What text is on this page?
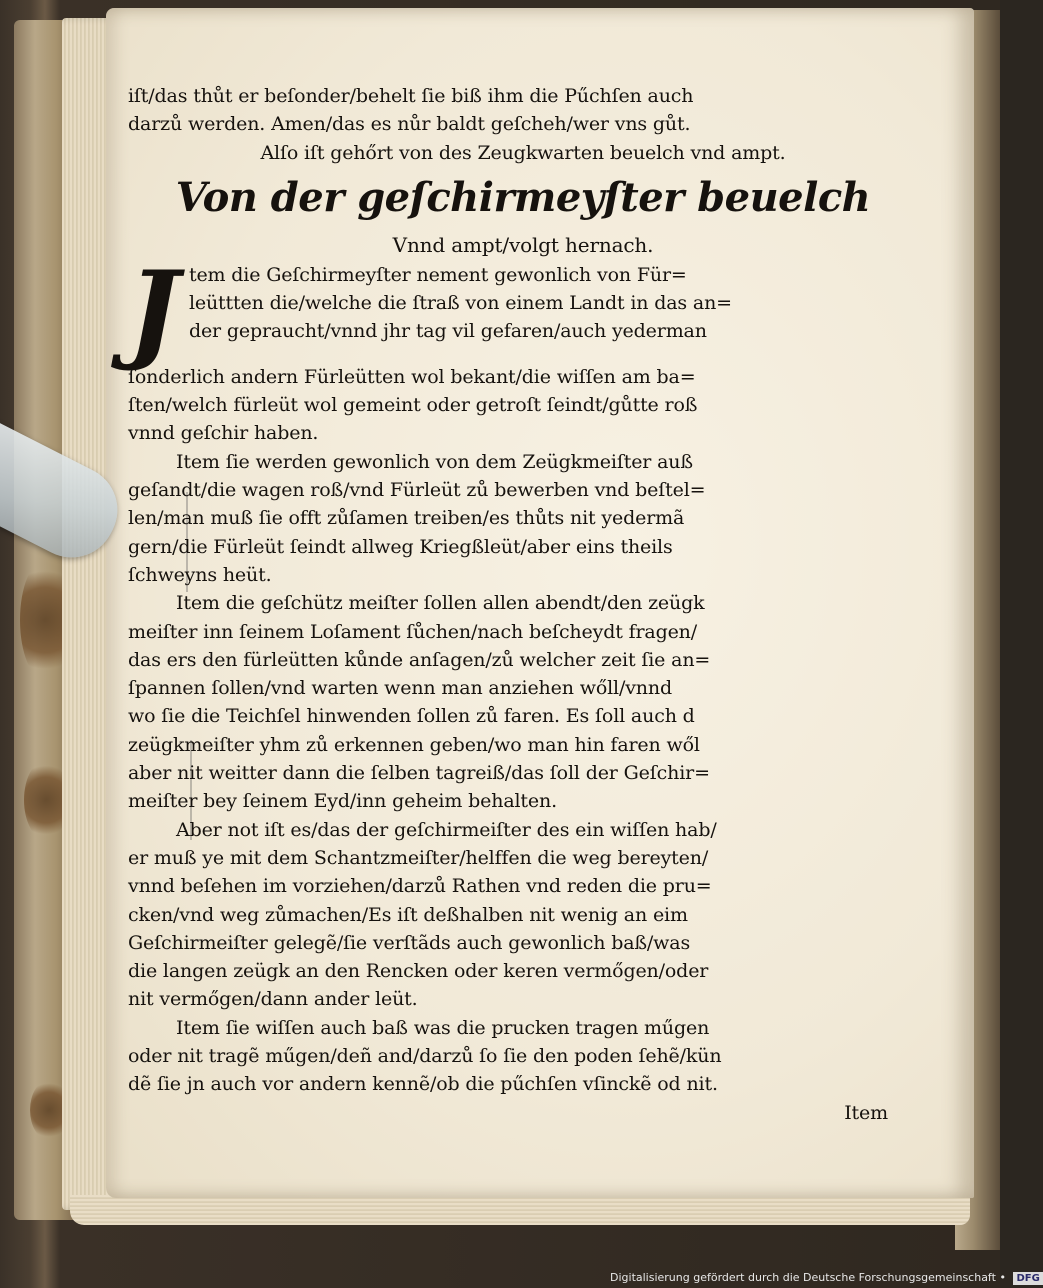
iſt/das thůt er beſonder/behelt ſie biß ihm die Pűchſen auch
darzů werden. Amen/das es nůr baldt geſcheh/wer vns gůt.
Alſo iſt gehőrt von des Zeugkwarten beuelch vnd ampt.
Von der geſchirmeyſter beuelch
Vnnd ampt/volgt hernach.
J tem die Geſchirmeyſter nement gewonlich von Für=
leüttten die/welche die ſtraß von einem Landt in das an=
der gepraucht/vnnd jhr tag vil gefaren/auch yederman
ſonderlich andern Fürleütten wol bekant/die wiſſen am ba=
ſten/welch fürleüt wol gemeint oder getroſt ſeindt/gůtte roß
vnnd geſchir haben.
Item ſie werden gewonlich von dem Zeügkmeiſter auß
geſandt/die wagen roß/vnd Fürleüt zů bewerben vnd beſtel=
len/man muß ſie offt zůſamen treiben/es thůts nit yedermã
gern/die Fürleüt ſeindt allweg Kriegßleüt/aber eins theils
ſchweyns heüt.
Item die geſchütz meiſter ſollen allen abendt/den zeügk
meiſter inn ſeinem Loſament ſůchen/nach beſcheydt fragen/
das ers den fürleütten kůnde anſagen/zů welcher zeit ſie an=
ſpannen ſollen/vnd warten wenn man anziehen wőll/vnnd
wo ſie die Teichſel hinwenden ſollen zů faren. Es ſoll auch d
zeügkmeiſter yhm zů erkennen geben/wo man hin faren wől
aber nit weitter dann die ſelben tagreiß/das ſoll der Geſchir=
meiſter bey ſeinem Eyd/inn geheim behalten.
Aber not iſt es/das der geſchirmeiſter des ein wiſſen hab/
er muß ye mit dem Schantzmeiſter/helffen die weg bereyten/
vnnd beſehen im vorziehen/darzů Rathen vnd reden die pru=
cken/vnd weg zůmachen/Es iſt deßhalben nit wenig an eim
Geſchirmeiſter gelegẽ/ſie verſtãds auch gewonlich baß/was
die langen zeügk an den Rencken oder keren vermőgen/oder
nit vermőgen/dann ander leüt.
Item ſie wiſſen auch baß was die prucken tragen műgen
oder nit tragẽ műgen/deñ and/darzů ſo ſie den poden ſehẽ/kün
dẽ ſie jn auch vor andern kennẽ/ob die pűchſen vſinckẽ od nit.
Item
Digitalisierung gefördert durch die Deutsche Forschungsgemeinschaft • DFG
